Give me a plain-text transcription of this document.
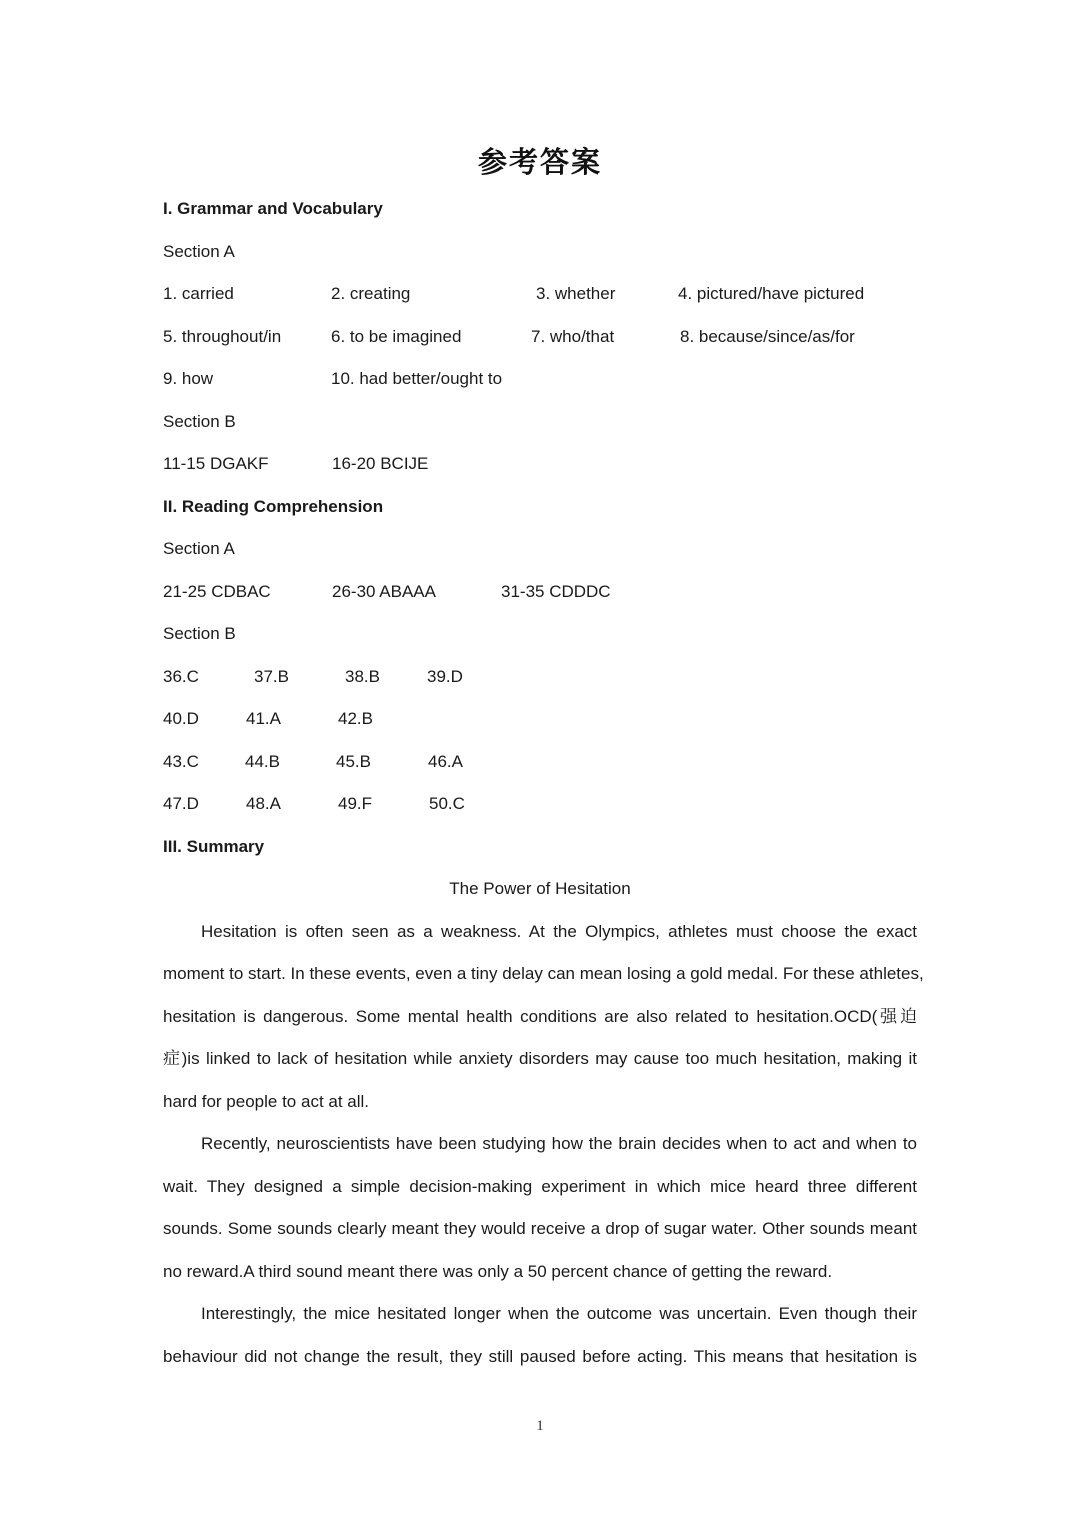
参考答案
I. Grammar and Vocabulary
Section A
1. carried	2. creating	3. whether	4. pictured/have pictured
5. throughout/in	6. to be imagined	7. who/that	8. because/since/as/for
9. how	10. had better/ought to
Section B
11-15 DGAKF	16-20 BCIJE
II. Reading Comprehension
Section A
21-25 CDBAC	26-30 ABAAA	31-35 CDDDC
Section B
36.C	37.B	38.B	39.D
40.D	41.A	42.B
43.C	44.B	45.B	46.A
47.D	48.A	49.F	50.C
III. Summary
The Power of Hesitation
Hesitation is often seen as a weakness. At the Olympics, athletes must choose the exact
moment to start. In these events, even a tiny delay can mean losing a gold medal. For these athletes,
hesitation is dangerous. Some mental health conditions are also related to hesitation.OCD(强迫
症)is linked to lack of hesitation while anxiety disorders may cause too much hesitation, making it
hard for people to act at all.
Recently, neuroscientists have been studying how the brain decides when to act and when to
wait. They designed a simple decision-making experiment in which mice heard three different
sounds. Some sounds clearly meant they would receive a drop of sugar water. Other sounds meant
no reward.A third sound meant there was only a 50 percent chance of getting the reward.
Interestingly, the mice hesitated longer when the outcome was uncertain. Even though their
behaviour did not change the result, they still paused before acting. This means that hesitation is
1
